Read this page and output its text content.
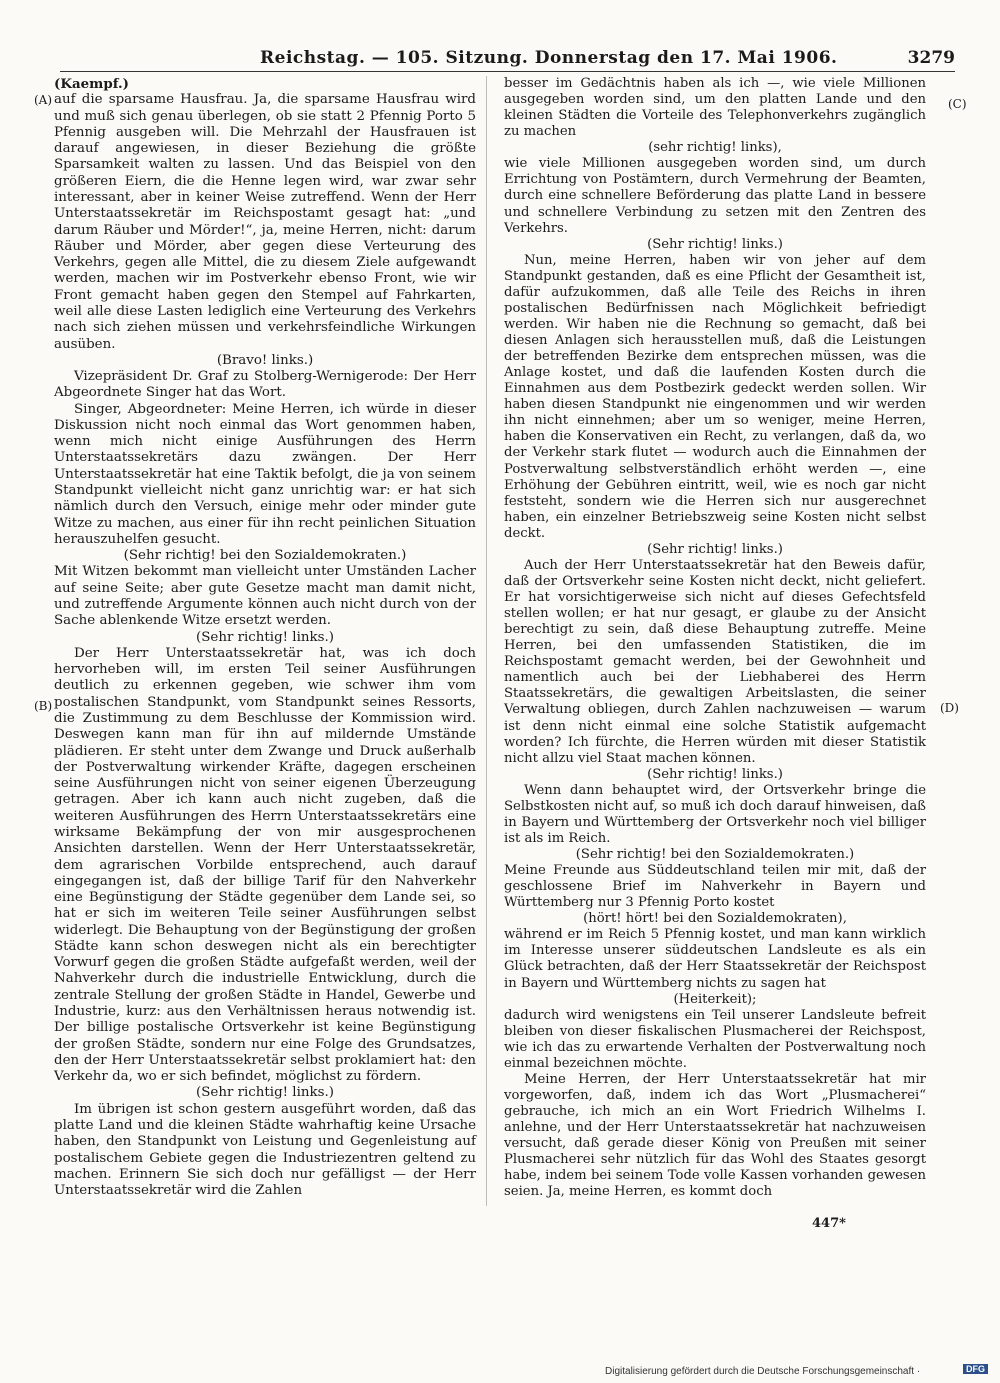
Reichstag. — 105. Sitzung. Donnerstag den 17. Mai 1906.	3279
(A)
(B)
(C)
(D)

(Kaempf.)

auf die sparsame Hausfrau. Ja, die sparsame Hausfrau wird und muß sich genau überlegen, ob sie statt 2 Pfennig Porto 5 Pfennig ausgeben will. Die Mehrzahl der Hausfrauen ist darauf angewiesen, in dieser Beziehung die größte Sparsamkeit walten zu lassen. Und das Beispiel von den größeren Eiern, die die Henne legen wird, war zwar sehr interessant, aber in keiner Weise zutreffend. Wenn der Herr Unterstaatssekretär im Reichspostamt gesagt hat: „und darum Räuber und Mörder!“, ja, meine Herren, nicht: darum Räuber und Mörder, aber gegen diese Verteurung des Verkehrs, gegen alle Mittel, die zu diesem Ziele aufgewandt werden, machen wir im Postverkehr ebenso Front, wie wir Front gemacht haben gegen den Stempel auf Fahrkarten, weil alle diese Lasten lediglich eine Verteurung des Verkehrs nach sich ziehen müssen und verkehrsfeindliche Wirkungen ausüben.

(Bravo! links.)

Vizepräsident Dr. Graf zu Stolberg-Wernigerode: Der Herr Abgeordnete Singer hat das Wort.

Singer, Abgeordneter: Meine Herren, ich würde in dieser Diskussion nicht noch einmal das Wort genommen haben, wenn mich nicht einige Ausführungen des Herrn Unterstaatssekretärs dazu zwängen. Der Herr Unterstaatssekretär hat eine Taktik befolgt, die ja von seinem Standpunkt vielleicht nicht ganz unrichtig war: er hat sich nämlich durch den Versuch, einige mehr oder minder gute Witze zu machen, aus einer für ihn recht peinlichen Situation herauszuhelfen gesucht.

(Sehr richtig! bei den Sozialdemokraten.)

Mit Witzen bekommt man vielleicht unter Umständen Lacher auf seine Seite; aber gute Gesetze macht man damit nicht, und zutreffende Argumente können auch nicht durch von der Sache ablenkende Witze ersetzt werden.

(Sehr richtig! links.)

Der Herr Unterstaatssekretär hat, was ich doch hervorheben will, im ersten Teil seiner Ausführungen deutlich zu erkennen gegeben, wie schwer ihm vom postalischen Standpunkt, vom Standpunkt seines Ressorts, die Zustimmung zu dem Beschlusse der Kommission wird. Deswegen kann man für ihn auf mildernde Umstände plädieren. Er steht unter dem Zwange und Druck außerhalb der Postverwaltung wirkender Kräfte, dagegen erscheinen seine Ausführungen nicht von seiner eigenen Überzeugung getragen. Aber ich kann auch nicht zugeben, daß die weiteren Ausführungen des Herrn Unterstaatssekretärs eine wirksame Bekämpfung der von mir ausgesprochenen Ansichten darstellen. Wenn der Herr Unterstaatssekretär, dem agrarischen Vorbilde entsprechend, auch darauf eingegangen ist, daß der billige Tarif für den Nahverkehr eine Begünstigung der Städte gegenüber dem Lande sei, so hat er sich im weiteren Teile seiner Ausführungen selbst widerlegt. Die Behauptung von der Begünstigung der großen Städte kann schon deswegen nicht als ein berechtigter Vorwurf gegen die großen Städte aufgefaßt werden, weil der Nahverkehr durch die industrielle Entwicklung, durch die zentrale Stellung der großen Städte in Handel, Gewerbe und Industrie, kurz: aus den Verhältnissen heraus notwendig ist. Der billige postalische Ortsverkehr ist keine Begünstigung der großen Städte, sondern nur eine Folge des Grundsatzes, den der Herr Unterstaatssekretär selbst proklamiert hat: den Verkehr da, wo er sich befindet, möglichst zu fördern.

(Sehr richtig! links.)

Im übrigen ist schon gestern ausgeführt worden, daß das platte Land und die kleinen Städte wahrhaftig keine Ursache haben, den Standpunkt von Leistung und Gegenleistung auf postalischem Gebiete gegen die Industriezentren geltend zu machen. Erinnern Sie sich doch nur gefälligst — der Herr Unterstaatssekretär wird die Zahlen

besser im Gedächtnis haben als ich —, wie viele Millionen ausgegeben worden sind, um den platten Lande und den kleinen Städten die Vorteile des Telephonverkehrs zugänglich zu machen

(sehr richtig! links),

wie viele Millionen ausgegeben worden sind, um durch Errichtung von Postämtern, durch Vermehrung der Beamten, durch eine schnellere Beförderung das platte Land in bessere und schnellere Verbindung zu setzen mit den Zentren des Verkehrs.

(Sehr richtig! links.)

Nun, meine Herren, haben wir von jeher auf dem Standpunkt gestanden, daß es eine Pflicht der Gesamtheit ist, dafür aufzukommen, daß alle Teile des Reichs in ihren postalischen Bedürfnissen nach Möglichkeit befriedigt werden. Wir haben nie die Rechnung so gemacht, daß bei diesen Anlagen sich herausstellen muß, daß die Leistungen der betreffenden Bezirke dem entsprechen müssen, was die Anlage kostet, und daß die laufenden Kosten durch die Einnahmen aus dem Postbezirk gedeckt werden sollen. Wir haben diesen Standpunkt nie eingenommen und wir werden ihn nicht einnehmen; aber um so weniger, meine Herren, haben die Konservativen ein Recht, zu verlangen, daß da, wo der Verkehr stark flutet — wodurch auch die Einnahmen der Postverwaltung selbstverständlich erhöht werden —, eine Erhöhung der Gebühren eintritt, weil, wie es noch gar nicht feststeht, sondern wie die Herren sich nur ausgerechnet haben, ein einzelner Betriebszweig seine Kosten nicht selbst deckt.

(Sehr richtig! links.)

Auch der Herr Unterstaatssekretär hat den Beweis dafür, daß der Ortsverkehr seine Kosten nicht deckt, nicht geliefert. Er hat vorsichtigerweise sich nicht auf dieses Gefechtsfeld stellen wollen; er hat nur gesagt, er glaube zu der Ansicht berechtigt zu sein, daß diese Behauptung zutreffe. Meine Herren, bei den umfassenden Statistiken, die im Reichspostamt gemacht werden, bei der Gewohnheit und namentlich auch bei der Liebhaberei des Herrn Staatssekretärs, die gewaltigen Arbeitslasten, die seiner Verwaltung obliegen, durch Zahlen nachzuweisen — warum ist denn nicht einmal eine solche Statistik aufgemacht worden? Ich fürchte, die Herren würden mit dieser Statistik nicht allzu viel Staat machen können.

(Sehr richtig! links.)

Wenn dann behauptet wird, der Ortsverkehr bringe die Selbstkosten nicht auf, so muß ich doch darauf hinweisen, daß in Bayern und Württemberg der Ortsverkehr noch viel billiger ist als im Reich.

(Sehr richtig! bei den Sozialdemokraten.)

Meine Freunde aus Süddeutschland teilen mir mit, daß der geschlossene Brief im Nahverkehr in Bayern und Württemberg nur 3 Pfennig Porto kostet

(hört! hört! bei den Sozialdemokraten),

während er im Reich 5 Pfennig kostet, und man kann wirklich im Interesse unserer süddeutschen Landsleute es als ein Glück betrachten, daß der Herr Staatssekretär der Reichspost in Bayern und Württemberg nichts zu sagen hat

(Heiterkeit);

dadurch wird wenigstens ein Teil unserer Landsleute befreit bleiben von dieser fiskalischen Plusmacherei der Reichspost, wie ich das zu erwartende Verhalten der Postverwaltung noch einmal bezeichnen möchte.

Meine Herren, der Herr Unterstaatssekretär hat mir vorgeworfen, daß, indem ich das Wort „Plusmacherei“ gebrauche, ich mich an ein Wort Friedrich Wilhelms I. anlehne, und der Herr Unterstaatssekretär hat nachzuweisen versucht, daß gerade dieser König von Preußen mit seiner Plusmacherei sehr nützlich für das Wohl des Staates gesorgt habe, indem bei seinem Tode volle Kassen vorhanden gewesen seien. Ja, meine Herren, es kommt doch

447*
Digitalisierung gefördert durch die Deutsche Forschungsgemeinschaft ·	DFG
